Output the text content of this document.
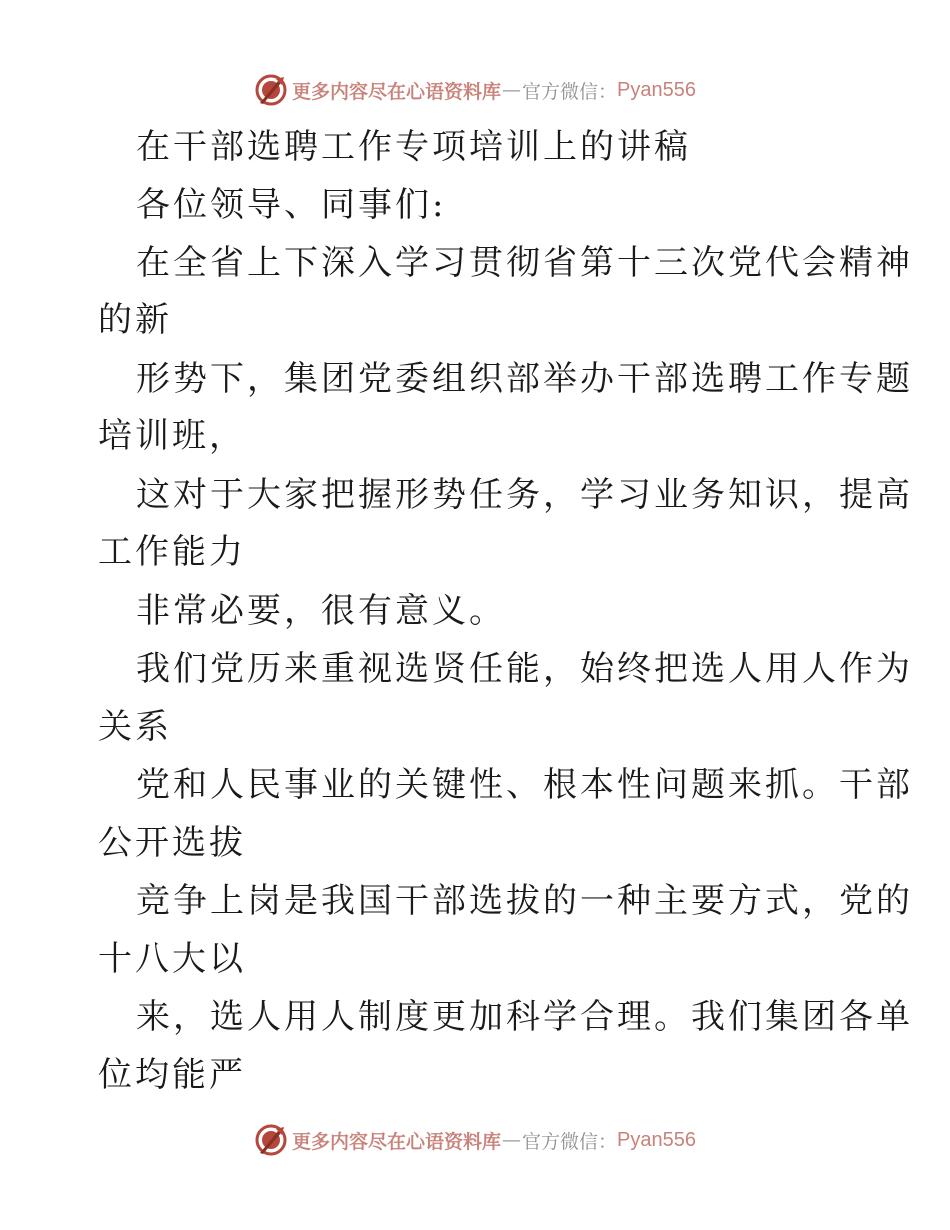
更多内容尽在心语资料库 — 官方微信： Pyan556
在干部选聘工作专项培训上的讲稿
各位领导、同事们:
在全省上下深入学习贯彻省第十三次党代会精神
的新
形势下，集团党委组织部举办干部选聘工作专题
培训班，
这对于大家把握形势任务，学习业务知识，提高
工作能力
非常必要，很有意义。
我们党历来重视选贤任能，始终把选人用人作为
关系
党和人民事业的关键性、根本性问题来抓。干部
公开选拔
竞争上岗是我国干部选拔的一种主要方式，党的
十八大以
来，选人用人制度更加科学合理。我们集团各单
位均能严
更多内容尽在心语资料库 — 官方微信： Pyan556
